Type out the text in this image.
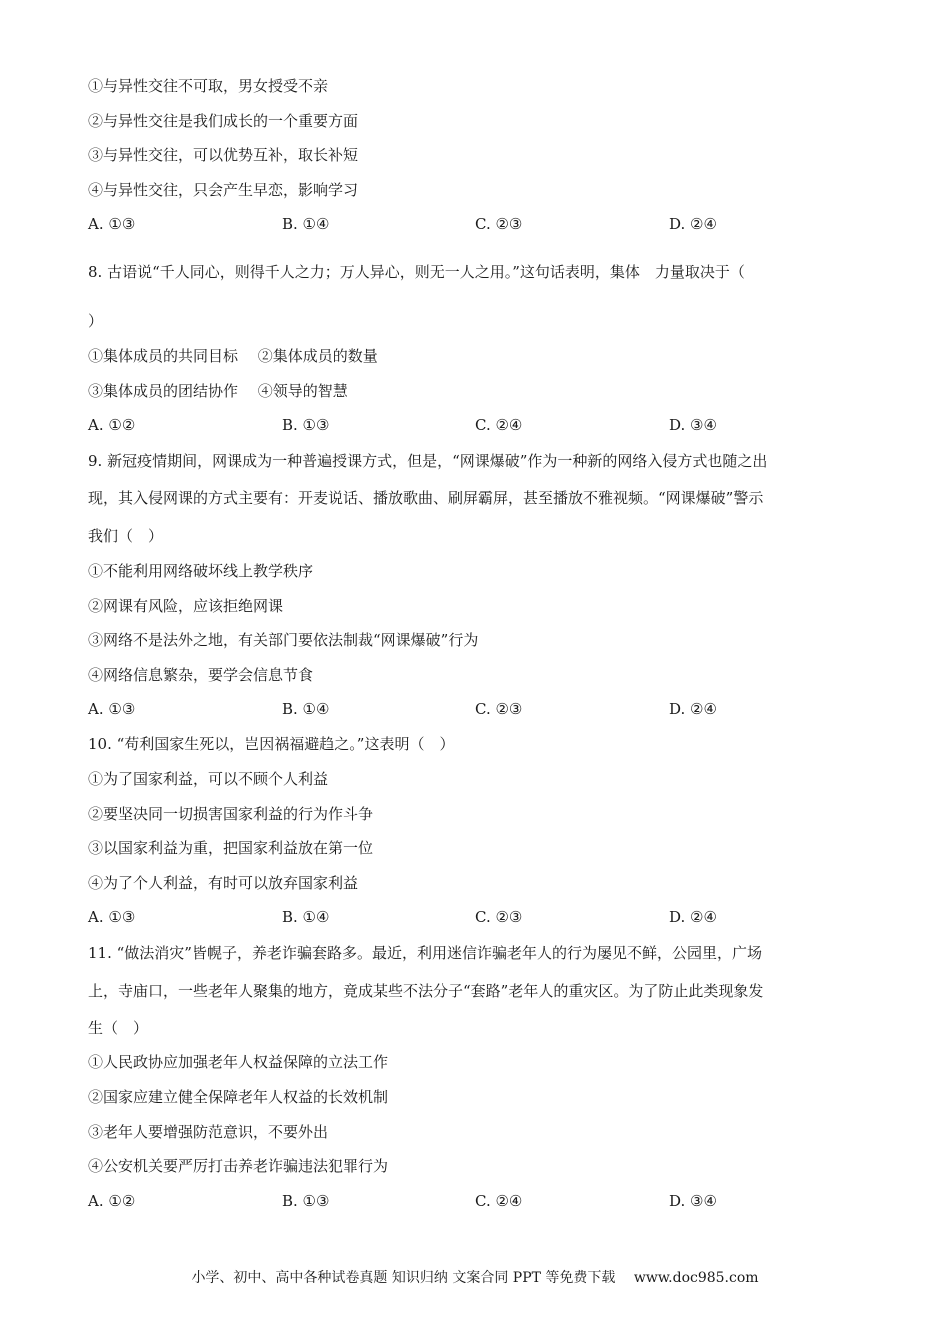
①与异性交往不可取，男女授受不亲
②与异性交往是我们成长的一个重要方面
③与异性交往，可以优势互补，取长补短
④与异性交往，只会产生早恋，影响学习
A. ①③	B. ①④	C. ②③	D. ②④
8. 古语说“千人同心，则得千人之力；万人异心，则无一人之用。”这句话表明，集体　力量取决于（
）
①集体成员的共同目标　 ②集体成员的数量
③集体成员的团结协作　 ④领导的智慧
A. ①②	B. ①③	C. ②④	D. ③④
9. 新冠疫情期间，网课成为一种普遍授课方式，但是，“网课爆破”作为一种新的网络入侵方式也随之出
现，其入侵网课的方式主要有：开麦说话、播放歌曲、刷屏霸屏，甚至播放不雅视频。“网课爆破”警示
我们（　）
①不能利用网络破坏线上教学秩序
②网课有风险，应该拒绝网课
③网络不是法外之地，有关部门要依法制裁“网课爆破”行为
④网络信息繁杂，要学会信息节食
A. ①③	B. ①④	C. ②③	D. ②④
10. “苟利国家生死以，岂因祸福避趋之。”这表明（　）
①为了国家利益，可以不顾个人利益
②要坚决同一切损害国家利益的行为作斗争
③以国家利益为重，把国家利益放在第一位
④为了个人利益，有时可以放弃国家利益
A. ①③	B. ①④	C. ②③	D. ②④
11. “做法消灾”皆幌子，养老诈骗套路多。最近，利用迷信诈骗老年人的行为屡见不鲜，公园里，广场
上，寺庙口，一些老年人聚集的地方，竟成某些不法分子“套路”老年人的重灾区。为了防止此类现象发
生（　）
①人民政协应加强老年人权益保障的立法工作
②国家应建立健全保障老年人权益的长效机制
③老年人要增强防范意识，不要外出
④公安机关要严厉打击养老诈骗违法犯罪行为
A. ①②	B. ①③	C. ②④	D. ③④
小学、初中、高中各种试卷真题 知识归纳 文案合同 PPT 等免费下载　 www.doc985.com
